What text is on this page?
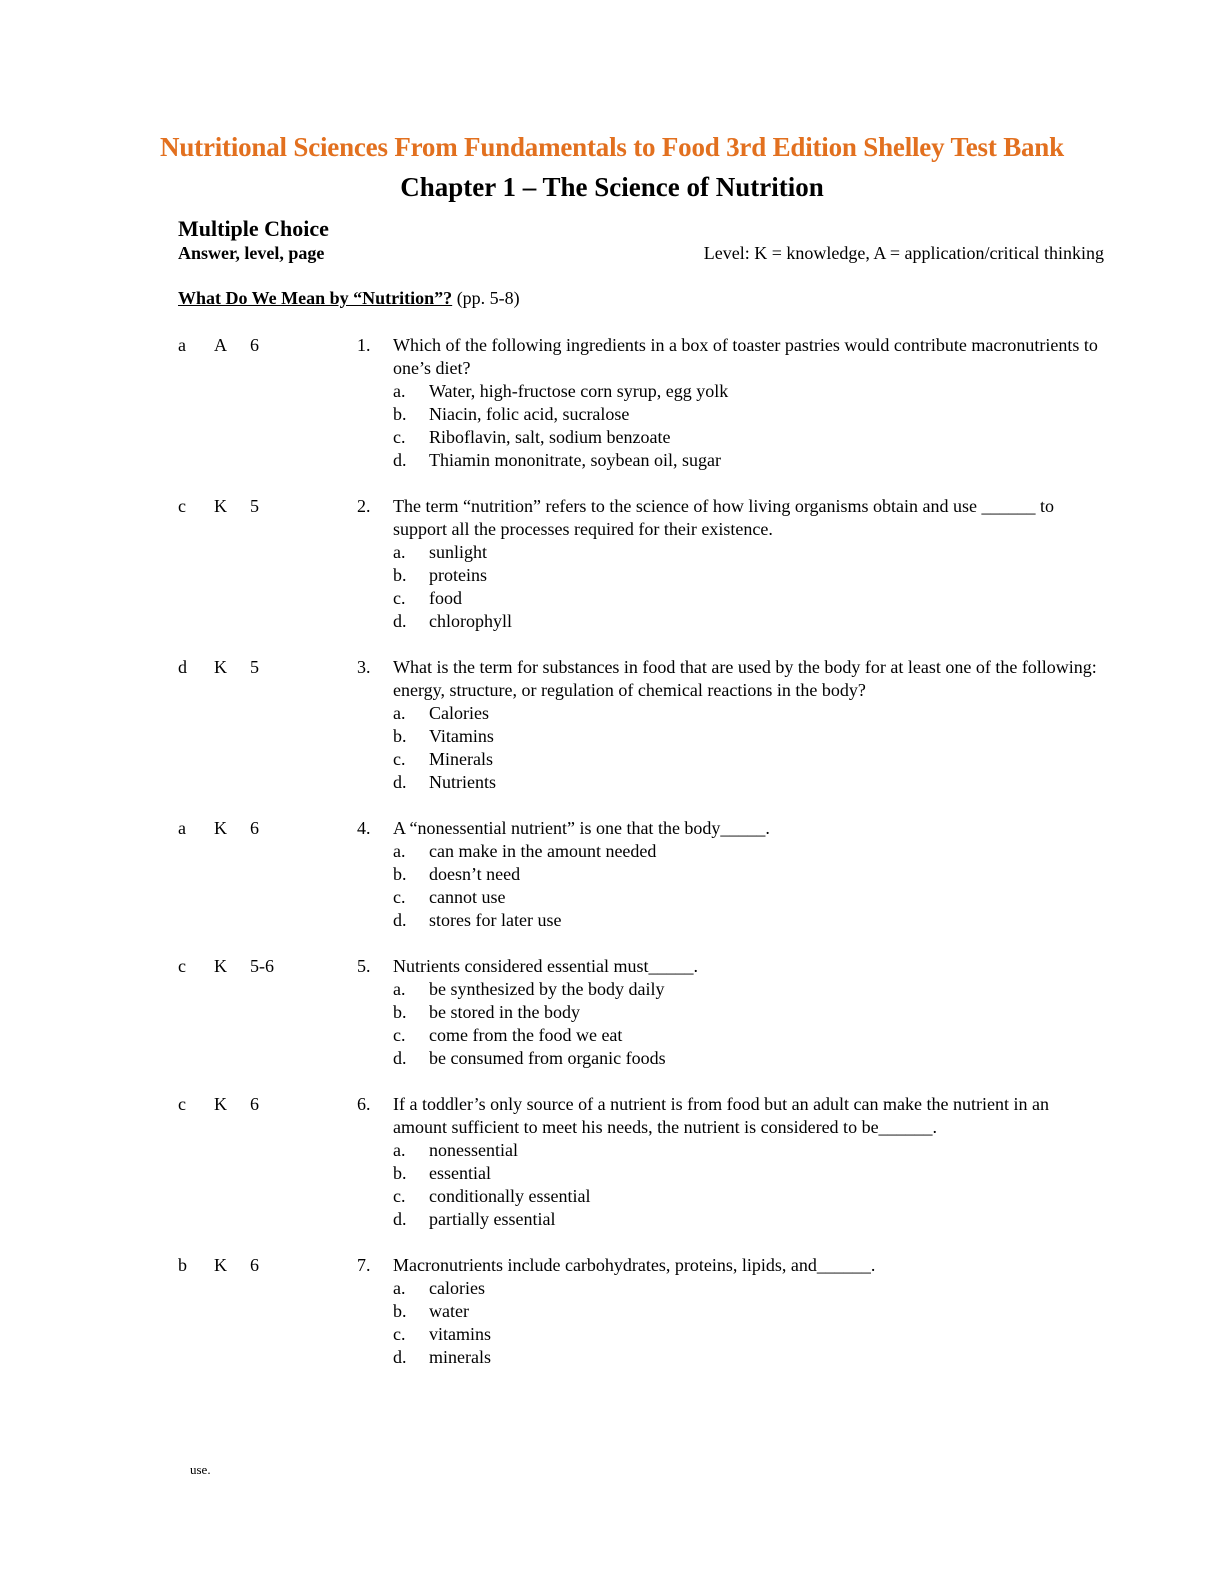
Nutritional Sciences From Fundamentals to Food 3rd Edition Shelley Test Bank
Chapter 1 – The Science of Nutrition
Multiple Choice
Answer, level, page	Level: K = knowledge, A = application/critical thinking
What Do We Mean by “Nutrition”? (pp. 5-8)
a A 6	1. Which of the following ingredients in a box of toaster pastries would contribute macronutrients to one’s diet?
a. Water, high-fructose corn syrup, egg yolk
b. Niacin, folic acid, sucralose
c. Riboflavin, salt, sodium benzoate
d. Thiamin mononitrate, soybean oil, sugar
c K 5	2. The term “nutrition” refers to the science of how living organisms obtain and use ______ to support all the processes required for their existence.
a. sunlight
b. proteins
c. food
d. chlorophyll
d K 5	3. What is the term for substances in food that are used by the body for at least one of the following: energy, structure, or regulation of chemical reactions in the body?
a. Calories
b. Vitamins
c. Minerals
d. Nutrients
a K 6	4. A “nonessential nutrient” is one that the body_____.
a. can make in the amount needed
b. doesn’t need
c. cannot use
d. stores for later use
c K 5-6	5. Nutrients considered essential must_____.
a. be synthesized by the body daily
b. be stored in the body
c. come from the food we eat
d. be consumed from organic foods
c K 6	6. If a toddler’s only source of a nutrient is from food but an adult can make the nutrient in an amount sufficient to meet his needs, the nutrient is considered to be______.
a. nonessential
b. essential
c. conditionally essential
d. partially essential
b K 6	7. Macronutrients include carbohydrates, proteins, lipids, and______.
a. calories
b. water
c. vitamins
d. minerals
use.
